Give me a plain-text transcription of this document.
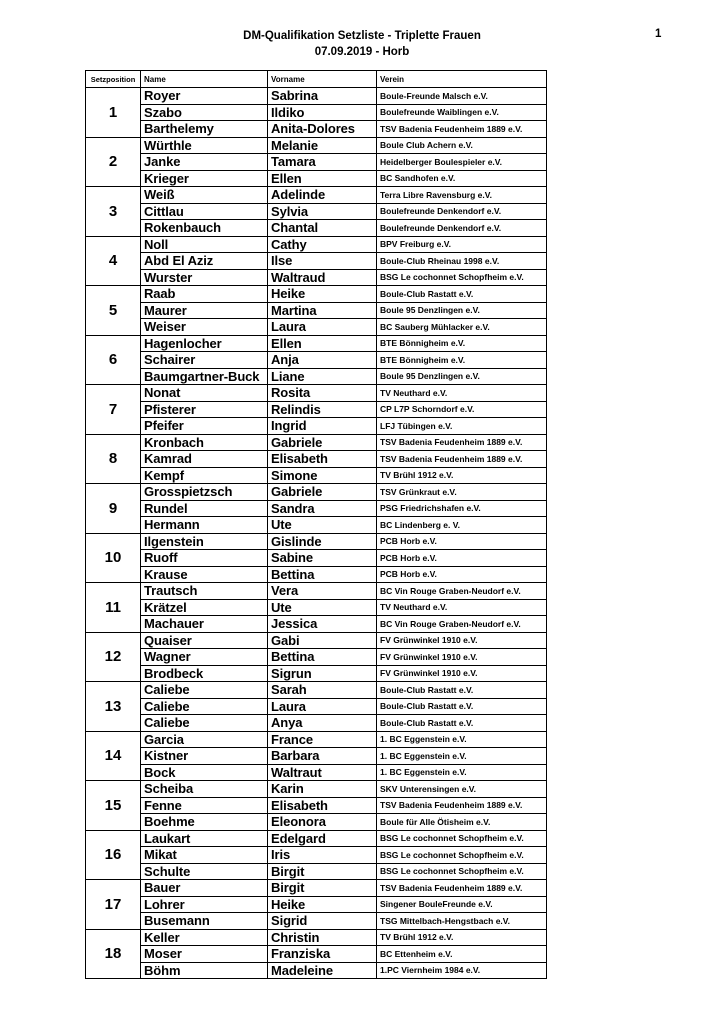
DM-Qualifikation Setzliste - Triplette Frauen
07.09.2019 - Horb
1
Setzposition	Name	Vorname	Verein
1	Royer	Sabrina	Boule-Freunde Malsch e.V.
	Szabo	Ildiko	Boulefreunde Waiblingen e.V.
	Barthelemy	Anita-Dolores	TSV Badenia Feudenheim 1889 e.V.
2	Würthle	Melanie	Boule Club Achern e.V.
	Janke	Tamara	Heidelberger Boulespieler e.V.
	Krieger	Ellen	BC Sandhofen e.V.
3	Weiß	Adelinde	Terra Libre Ravensburg e.V.
	Cittlau	Sylvia	Boulefreunde Denkendorf e.V.
	Rokenbauch	Chantal	Boulefreunde Denkendorf e.V.
4	Noll	Cathy	BPV Freiburg e.V.
	Abd El Aziz	Ilse	Boule-Club Rheinau 1998 e.V.
	Wurster	Waltraud	BSG Le cochonnet Schopfheim e.V.
5	Raab	Heike	Boule-Club Rastatt e.V.
	Maurer	Martina	Boule 95 Denzlingen e.V.
	Weiser	Laura	BC Sauberg Mühlacker e.V.
6	Hagenlocher	Ellen	BTE Bönnigheim e.V.
	Schairer	Anja	BTE Bönnigheim e.V.
	Baumgartner-Buck	Liane	Boule 95 Denzlingen e.V.
7	Nonat	Rosita	TV Neuthard e.V.
	Pfisterer	Relindis	CP L7P Schorndorf e.V.
	Pfeifer	Ingrid	LFJ Tübingen e.V.
8	Kronbach	Gabriele	TSV Badenia Feudenheim 1889 e.V.
	Kamrad	Elisabeth	TSV Badenia Feudenheim 1889 e.V.
	Kempf	Simone	TV Brühl 1912 e.V.
9	Grosspietzsch	Gabriele	TSV Grünkraut e.V.
	Rundel	Sandra	PSG Friedrichshafen e.V.
	Hermann	Ute	BC Lindenberg e. V.
10	Ilgenstein	Gislinde	PCB Horb e.V.
	Ruoff	Sabine	PCB Horb e.V.
	Krause	Bettina	PCB Horb e.V.
11	Trautsch	Vera	BC Vin Rouge Graben-Neudorf e.V.
	Krätzel	Ute	TV Neuthard e.V.
	Machauer	Jessica	BC Vin Rouge Graben-Neudorf e.V.
12	Quaiser	Gabi	FV Grünwinkel 1910 e.V.
	Wagner	Bettina	FV Grünwinkel 1910 e.V.
	Brodbeck	Sigrun	FV Grünwinkel 1910 e.V.
13	Caliebe	Sarah	Boule-Club Rastatt e.V.
	Caliebe	Laura	Boule-Club Rastatt e.V.
	Caliebe	Anya	Boule-Club Rastatt e.V.
14	Garcia	France	1. BC Eggenstein e.V.
	Kistner	Barbara	1. BC Eggenstein e.V.
	Bock	Waltraut	1. BC Eggenstein e.V.
15	Scheiba	Karin	SKV Unterensingen e.V.
	Fenne	Elisabeth	TSV Badenia Feudenheim 1889 e.V.
	Boehme	Eleonora	Boule für Alle Ötisheim e.V.
16	Laukart	Edelgard	BSG Le cochonnet Schopfheim e.V.
	Mikat	Iris	BSG Le cochonnet Schopfheim e.V.
	Schulte	Birgit	BSG Le cochonnet Schopfheim e.V.
17	Bauer	Birgit	TSV Badenia Feudenheim 1889 e.V.
	Lohrer	Heike	Singener BouleFreunde e.V.
	Busemann	Sigrid	TSG Mittelbach-Hengstbach e.V.
18	Keller	Christin	TV Brühl 1912 e.V.
	Moser	Franziska	BC Ettenheim e.V.
	Böhm	Madeleine	1.PC Viernheim 1984 e.V.
